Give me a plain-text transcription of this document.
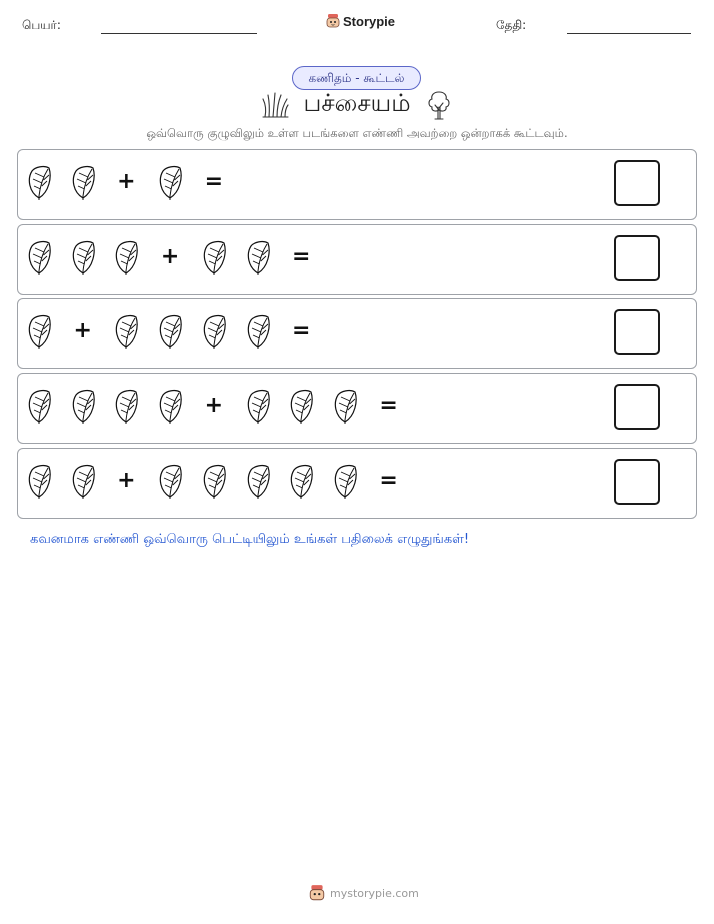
பெயர்:	Storypie	தேதி:
கணிதம் - கூட்டல்
பச்சையம்
ஒவ்வொரு குழுவிலும் உள்ள படங்களை எண்ணி அவற்றை ஒன்றாகக் கூட்டவும்.
+	=
+	=
+	=
+	=
+	=
கவனமாக எண்ணி ஒவ்வொரு பெட்டியிலும் உங்கள் பதிலைக் எழுதுங்கள்!
mystorypie.com
